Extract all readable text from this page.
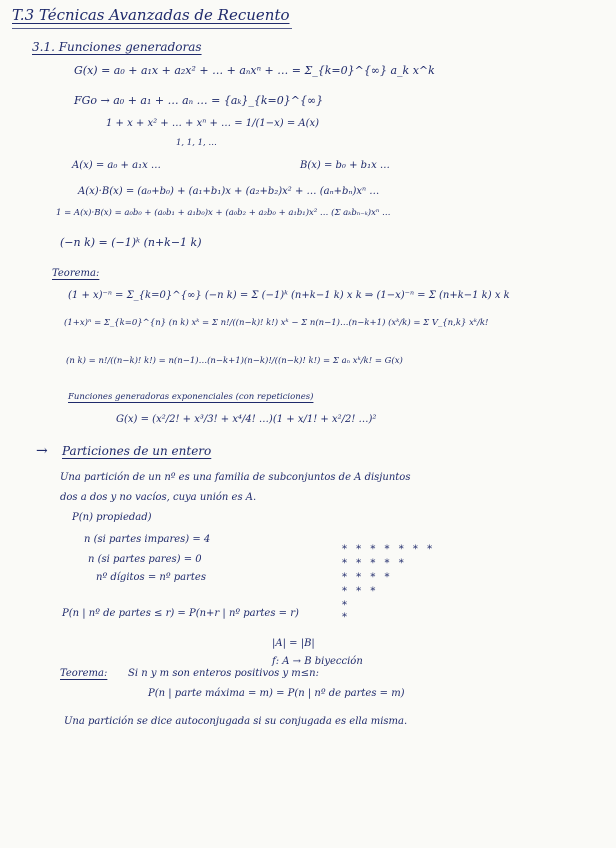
T.3 Técnicas Avanzadas de Recuento
3.1. Funciones generadoras
G(x) = a₀ + a₁x + a₂x² + … + aₙxⁿ + … = Σ_{k=0}^{∞} a_k x^k
FGo → a₀ + a₁ + … aₙ … = {aₖ}_{k=0}^{∞}
1 + x + x² + … + xⁿ + … = 1/(1−x) = A(x)
1, 1, 1, …
A(x) = a₀ + a₁x …	B(x) = b₀ + b₁x …
A(x)·B(x) = (a₀+b₀) + (a₁+b₁)x + (a₂+b₂)x² + … (aₙ+bₙ)xⁿ …
1 = A(x)·B(x) = a₀b₀ + (a₀b₁ + a₁b₀)x + (a₀b₂ + a₂b₀ + a₁b₁)x² … (Σ aₖbₙ₋ₖ)xⁿ …
(−n k) = (−1)ᵏ (n+k−1 k)
Teorema:
(1 + x)⁻ⁿ = Σ_{k=0}^{∞} (−n k) = Σ (−1)ᵏ (n+k−1 k) x k ⇒ (1−x)⁻ⁿ = Σ (n+k−1 k) x k
(1+x)ⁿ = Σ_{k=0}^{n} (n k) xᵏ = Σ n!/((n−k)! k!) xᵏ − Σ n(n−1)…(n−k+1) (xᵏ/k) = Σ V_{n,k} xᵏ/k!
(n k) = n!/((n−k)! k!) = n(n−1)…(n−k+1)(n−k)!/((n−k)! k!) = Σ aₙ xᵏ/k! = G(x)
Funciones generadoras exponenciales (con repeticiones)
G(x) = (x²/2! + x³/3! + x⁴/4! …)(1 + x/1! + x²/2! …)²
→ Particiones de un entero
Una partición de un nº es una familia de subconjuntos de A disjuntos
dos a dos y no vacíos, cuya unión es A.
P(n) propiedad)
n (si partes impares) = 4
n (si partes pares) = 0
nº dígitos = nº partes
* * * * * * *
* * * * *
* * * *
* * *
*
*
P(n | nº de partes ≤ r) = P(n+r | nº partes = r)
|A| = |B|
f: A → B biyección
Teorema: Si n y m son enteros positivos y m≤n:
P(n | parte máxima = m) = P(n | nº de partes = m)
Una partición se dice autoconjugada si su conjugada es ella misma.
